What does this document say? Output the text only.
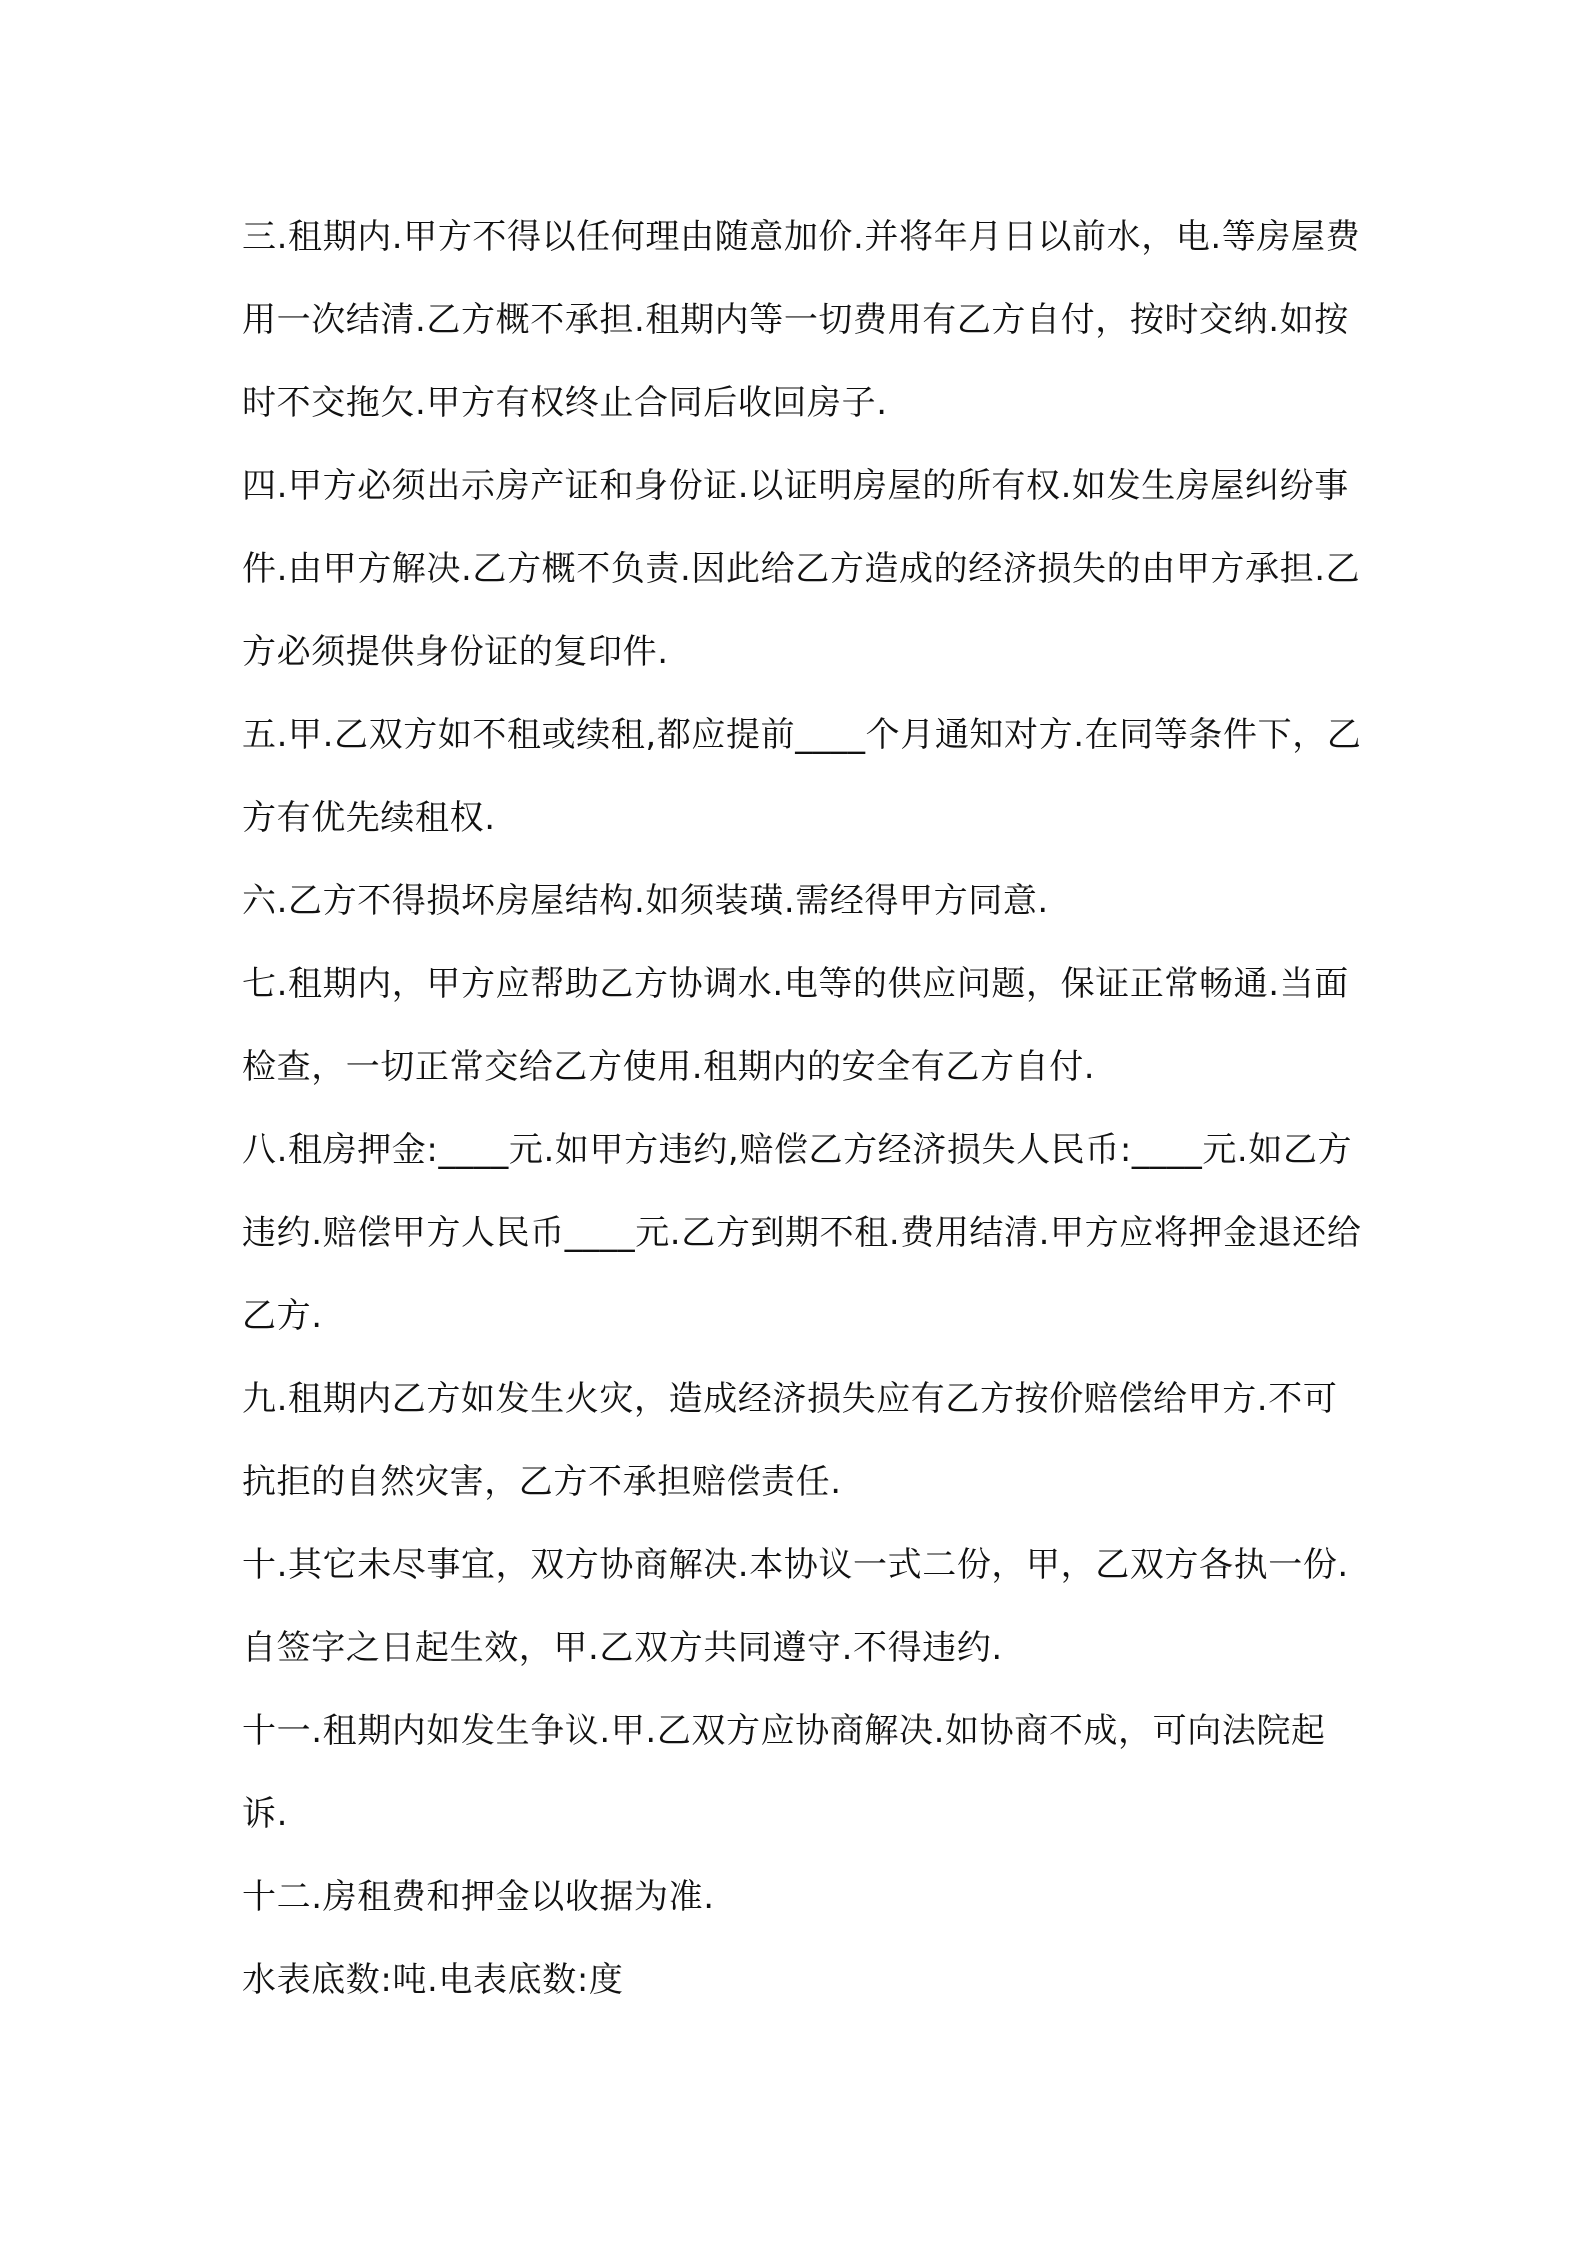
三.租期内.甲方不得以任何理由随意加价.并将年月日以前水，电.等房屋费用一次结清.乙方概不承担.租期内等一切费用有乙方自付，按时交纳.如按时不交拖欠.甲方有权终止合同后收回房子.

四.甲方必须出示房产证和身份证.以证明房屋的所有权.如发生房屋纠纷事件.由甲方解决.乙方概不负责.因此给乙方造成的经济损失的由甲方承担.乙方必须提供身份证的复印件.

五.甲.乙双方如不租或续租,都应提前____个月通知对方.在同等条件下，乙方有优先续租权.

六.乙方不得损坏房屋结构.如须装璜.需经得甲方同意.

七.租期内，甲方应帮助乙方协调水.电等的供应问题，保证正常畅通.当面检查，一切正常交给乙方使用.租期内的安全有乙方自付.

八.租房押金:____元.如甲方违约,赔偿乙方经济损失人民币:____元.如乙方违约.赔偿甲方人民币____元.乙方到期不租.费用结清.甲方应将押金退还给乙方.

九.租期内乙方如发生火灾，造成经济损失应有乙方按价赔偿给甲方.不可抗拒的自然灾害，乙方不承担赔偿责任.

十.其它未尽事宜，双方协商解决.本协议一式二份，甲，乙双方各执一份.自签字之日起生效，甲.乙双方共同遵守.不得违约.

十一.租期内如发生争议.甲.乙双方应协商解决.如协商不成，可向法院起诉.

十二.房租费和押金以收据为准.

水表底数:吨.电表底数:度
